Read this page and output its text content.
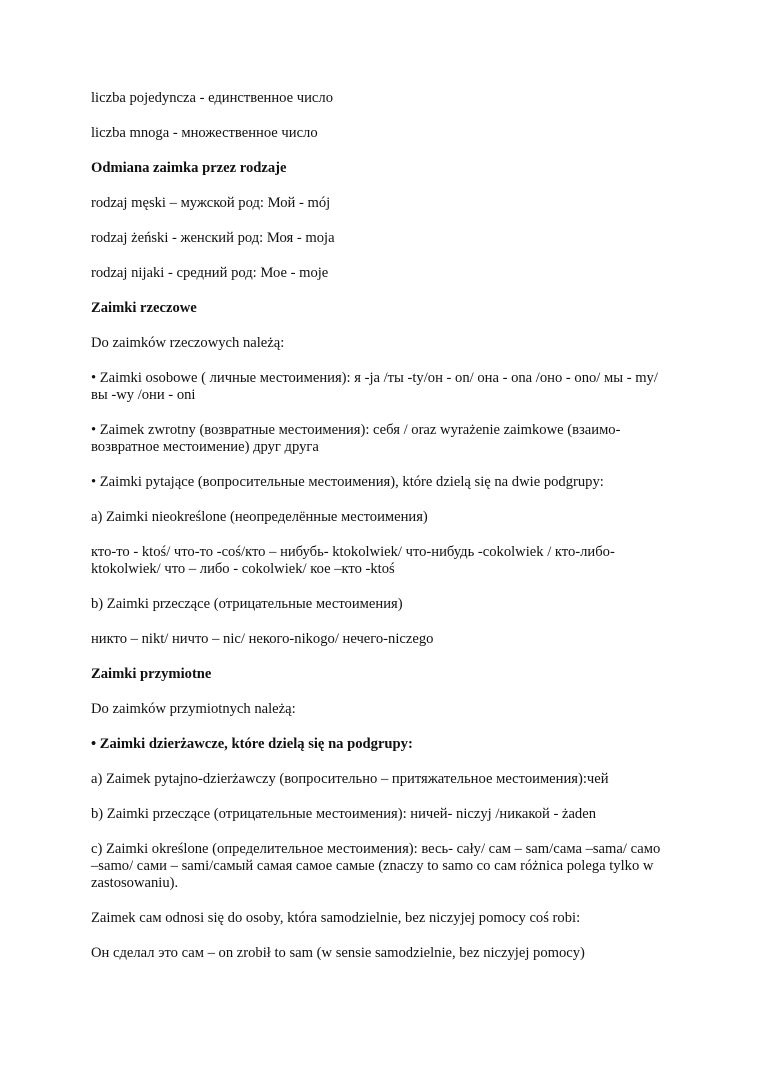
liczba pojedyncza - единственное число

liczba mnoga - множественное число

Odmiana zaimka przez rodzaje

rodzaj męski – мужской род: Мой - mój

rodzaj żeński - женский род: Моя - moja

rodzaj nijaki - средний род: Мое - moje

Zaimki rzeczowe

Do zaimków rzeczowych należą:

• Zaimki osobowe ( личные местоимения): я -ja /ты -ty/он - on/ она - ona /оно - ono/ мы - my/ вы -wy /они - oni

• Zaimek zwrotny (возвратные местоимения): себя / oraz wyrażenie zaimkowe (взаимо-возвратное местоимение) друг друга

• Zaimki pytające (вопросительные местоимения), które dzielą się na dwie podgrupy:

a) Zaimki nieokreślone (неопределённые местоимения)

кто-то - ktoś/ что-то -coś/кто – нибубь- ktokolwiek/ что-нибудь -cokolwiek / кто-либо-ktokolwiek/ что – либо - cokolwiek/ кое –кто -ktoś

b) Zaimki przeczące (отрицательные местоимения)

никто – nikt/ ничто – nic/ некого-nikogo/ нечего-niczego

Zaimki przymiotne

Do zaimków przymiotnych należą:

• Zaimki dzierżawcze, które dzielą się na podgrupy:

a) Zaimek pytajno-dzierżawczy (вопросительно – притяжательное местоимения):чей

b) Zaimki przeczące (отрицательные местоимения): ничей- niczyj /никакой - żaden

c) Zaimki określone (определительное местоимения): весь- cały/ сам – sam/сама –sama/ само –samo/ сами – sami/самый самая самое самые (znaczy to samo co сам różnica polega tylko w zastosowaniu).

Zaimek сам odnosi się do osoby, która samodzielnie, bez niczyjej pomocy coś robi:

Он сделал это сам – on zrobił to sam (w sensie samodzielnie, bez niczyjej pomocy)
